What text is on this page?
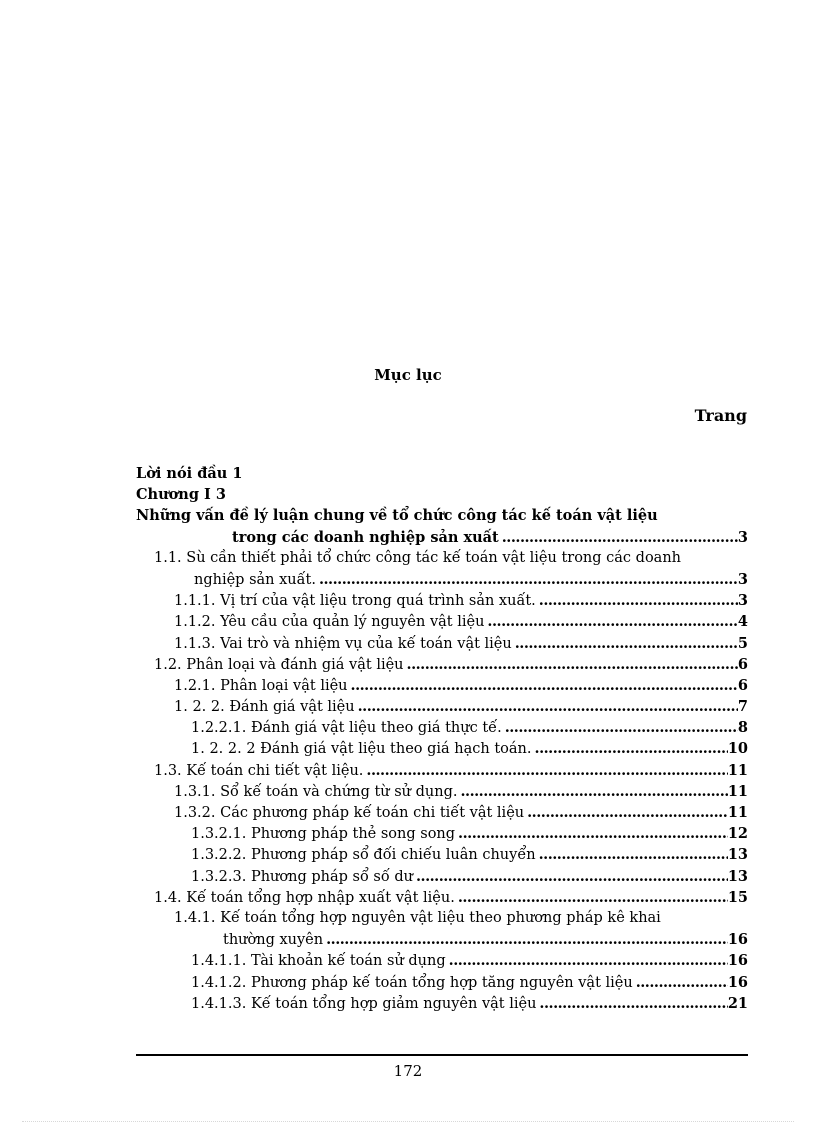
Mục lục
Trang
Lời nói đầu 1
Chương I 3
Những vấn đề lý luận chung về tổ chức công tác kế toán vật liệu
trong các doanh nghiệp sản xuất .....	3
1.1. Sù cần thiết phải tổ chức công tác kế toán vật liệu trong các doanh
nghiệp sản xuất. .....	3
1.1.1. Vị trí của vật liệu trong quá trình sản xuất. .....	3
1.1.2. Yêu cầu của quản lý nguyên vật liệu .....	4
1.1.3. Vai trò và nhiệm vụ của kế toán vật liệu .....	5
1.2. Phân loại và đánh giá vật liệu .....	6
1.2.1. Phân loại vật liệu .....	6
1. 2. 2. Đánh giá vật liệu .....	7
1.2.2.1. Đánh giá vật liệu theo giá thực tế. .....	8
1. 2. 2. 2 Đánh giá vật liệu theo giá hạch toán. .....	10
1.3. Kế toán chi tiết vật liệu. .....	11
1.3.1. Sổ kế toán và chứng từ sử dụng. .....	11
1.3.2. Các phương pháp kế toán chi tiết vật liệu .....	11
1.3.2.1. Phương pháp thẻ song song .....	12
1.3.2.2. Phương pháp sổ đối chiếu luân chuyển .....	13
1.3.2.3. Phương pháp sổ số dư .....	13
1.4. Kế toán tổng hợp nhập xuất vật liệu. .....	15
1.4.1. Kế toán tổng hợp nguyên vật liệu theo phương pháp kê khai
thường xuyên .....	16
1.4.1.1. Tài khoản kế toán sử dụng .....	16
1.4.1.2. Phương pháp kế toán tổng hợp tăng nguyên vật liệu .....	16
1.4.1.3. Kế toán tổng hợp giảm nguyên vật liệu .....	21
172
